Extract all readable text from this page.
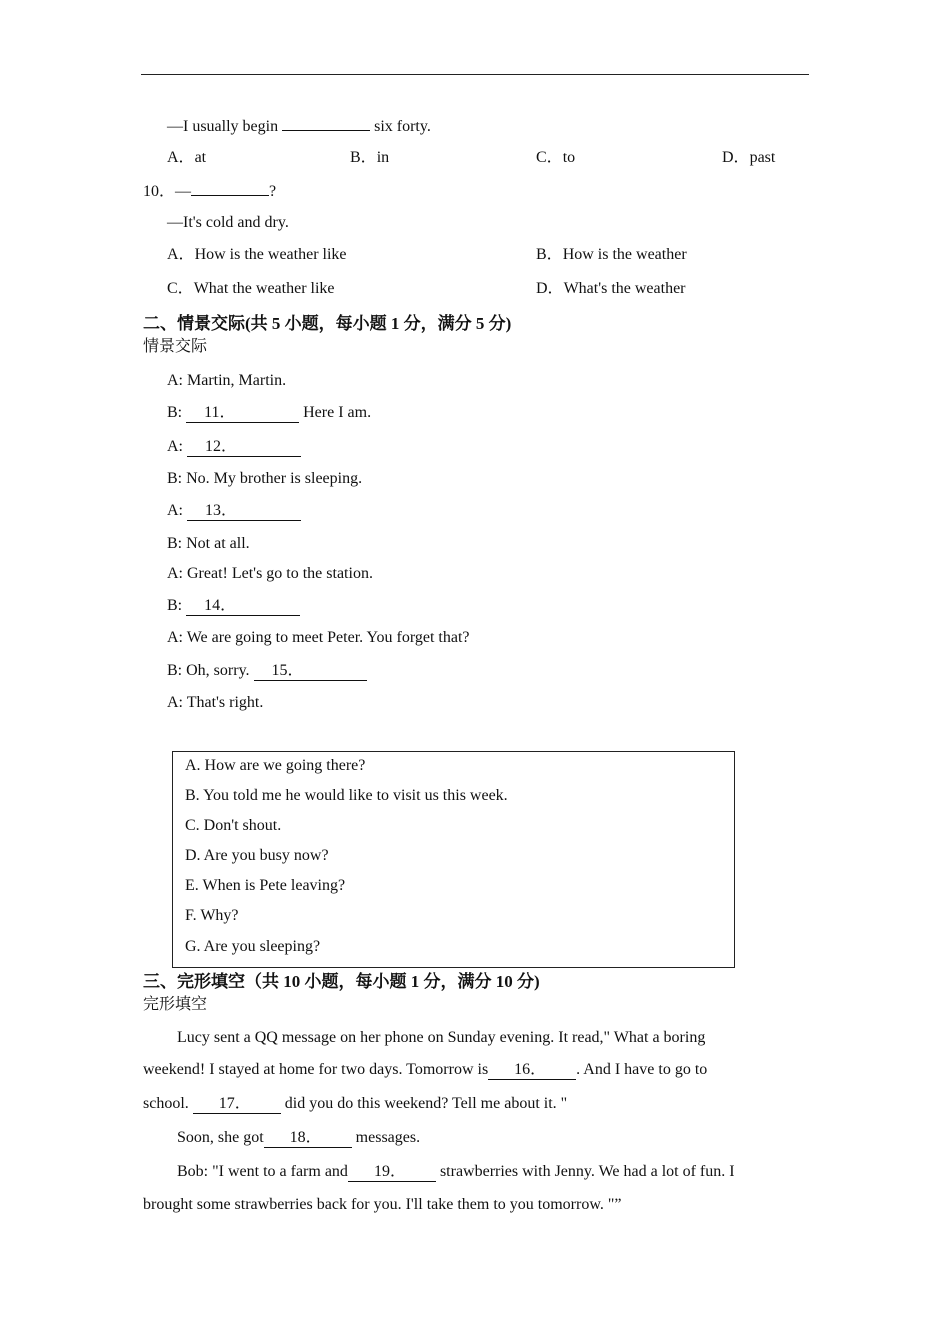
—I usually begin	six forty.
A．at	B．in	C．to	D．past
10．—	?
—It's cold and dry.
A．How is the weather like	B．How is the weather
C．What the weather like	D．What's the weather
二、情景交际(共 5 小题，每小题 1 分，满分 5 分)
情景交际
A: Martin, Martin.
B: 11．	Here I am.
A: 12．
B: No. My brother is sleeping.
A: 13．
B: Not at all.
A: Great! Let's go to the station.
B: 14．
A: We are going to meet Peter. You forget that?
B: Oh, sorry. 15．
A: That's right.
A. How are we going there?
B. You told me he would like to visit us this week.
C. Don't shout.
D. Are you busy now?
E. When is Pete leaving?
F. Why?
G. Are you sleeping?
三、完形填空（共 10 小题，每小题 1 分，满分 10 分)
完形填空
Lucy sent a QQ message on her phone on Sunday evening. It read," What a boring
weekend! I stayed at home for two days. Tomorrow is 16． . And I have to go to
school. 17． did you do this weekend? Tell me about it. "
Soon, she got 18． messages.
Bob: "I went to a farm and 19． strawberries with Jenny. We had a lot of fun. I
brought some strawberries back for you. I'll take them to you tomorrow. "”
